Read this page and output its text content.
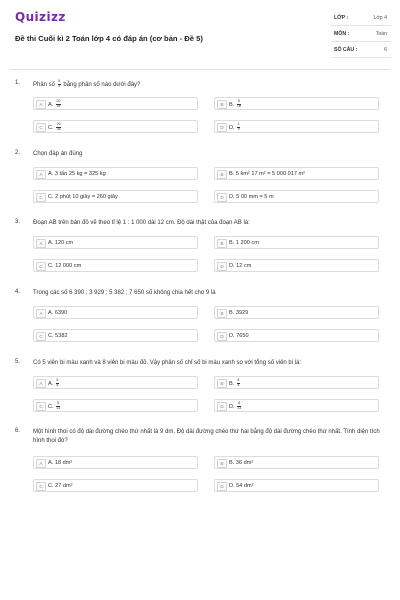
Quizizz
Đề thi Cuối kì 2 Toán lớp 4 có đáp án (cơ bản - Đề 5)
LỚP :	Lớp 4
MÔN :	Toán
SỐ CÂU :	6
1. Phân số $\frac{5}{9}$ bằng phân số nào dưới đây?
A A. $\frac{20}{18}$	B B. $\frac{5}{18}$
C C. $\frac{20}{36}$	D D. $\frac{1}{9}$
2. Chọn đáp án đúng
A A. 3 tấn 25 kg = 325 kg	B B. 5 km² 17 m² = 5 000 017 m²
C C. 2 phút 10 giây = 260 giây	D D. 5 00 mm = 5 m
3. Đoạn AB trên bản đồ vẽ theo tỉ lệ 1 : 1 000 dài 12 cm. Độ dài thật của đoạn AB là:
A A. 120 cm	B B. 1 200 cm
C C. 12 000 cm	D D. 12 cm
4. Trong các số 6 390 ; 3 929 ; 5 382 ; 7 650 số không chia hết cho 9 là
A A. 6390	B B. 3929
C C. 5382	D D. 7650
5. Có 5 viên bi màu xanh và 8 viên bi màu đỏ. Vậy phân số chỉ số bi màu xanh so với tổng số viên bi là:
A A. $\frac{5}{8}$	B B. $\frac{8}{5}$
C C. $\frac{5}{13}$	D D. $\frac{8}{13}$
6. Một hình thoi có độ dài đường chéo thứ nhất là 9 dm. Độ dài đường chéo thứ hai bằng độ dài đường chéo thứ nhất. Tính diện tích hình thoi đó?
A A. 18 dm²	B B. 36 dm²
C C. 27 dm²	D D. 54 dm²
